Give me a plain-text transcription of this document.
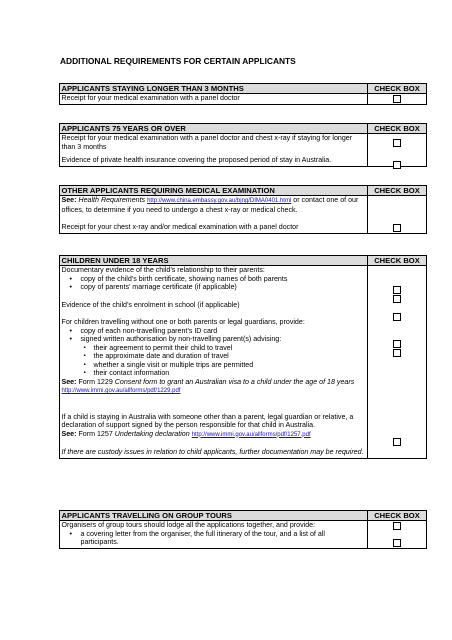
ADDITIONAL REQUIREMENTS FOR CERTAIN APPLICANTS
APPLICANTS STAYING LONGER THAN 3 MONTHS	CHECK BOX
Receipt for your medical examination with a panel doctor
APPLICANTS 75 YEARS OR OVER	CHECK BOX
Receipt for your medical examination with a panel doctor and chest x-ray if staying for longer than 3 months
Evidence of private health insurance covering the proposed period of stay in Australia.
OTHER APPLICANTS REQUIRING MEDICAL EXAMINATION	CHECK BOX
See: Health Requirements http://www.china.embassy.gov.au/bjng/DIMA0401.html or contact one of our offices, to determine if you need to undergo a chest x-ray or medical check.
Receipt for your chest x-ray and/or medical examination with a panel doctor
CHILDREN UNDER 18 YEARS	CHECK BOX
Documentary evidence of the child’s relationship to their parents:
• copy of the child’s birth certificate, showing names of both parents
• copy of parents’ marriage certificate (if applicable)
Evidence of the child’s enrolment in school (if applicable)
For children travelling without one or both parents or legal guardians, provide:
• copy of each non-travelling parent’s ID card
• signed written authorisation by non-travelling parent(s) advising:
▪ their agreement to permit their child to travel
▪ the approximate date and duration of travel
▪ whether a single visit or multiple trips are permitted
▪ their contact information
See: Form 1229 Consent form to grant an Australian visa to a child under the age of 18 years http://www.immi.gov.au/allforms/pdf/1229.pdf
If a child is staying in Australia with someone other than a parent, legal guardian or relative, a declaration of support signed by the person responsible for that child in Australia.
See: Form 1257 Undertaking declaration http://www.immi.gov.au/allforms/pdf/1257.pdf
If there are custody issues in relation to child applicants, further documentation may be required.
APPLICANTS TRAVELLING ON GROUP TOURS	CHECK BOX
Organisers of group tours should lodge all the applications together, and provide:
• a covering letter from the organiser, the full itinerary of the tour, and a list of all participants.
